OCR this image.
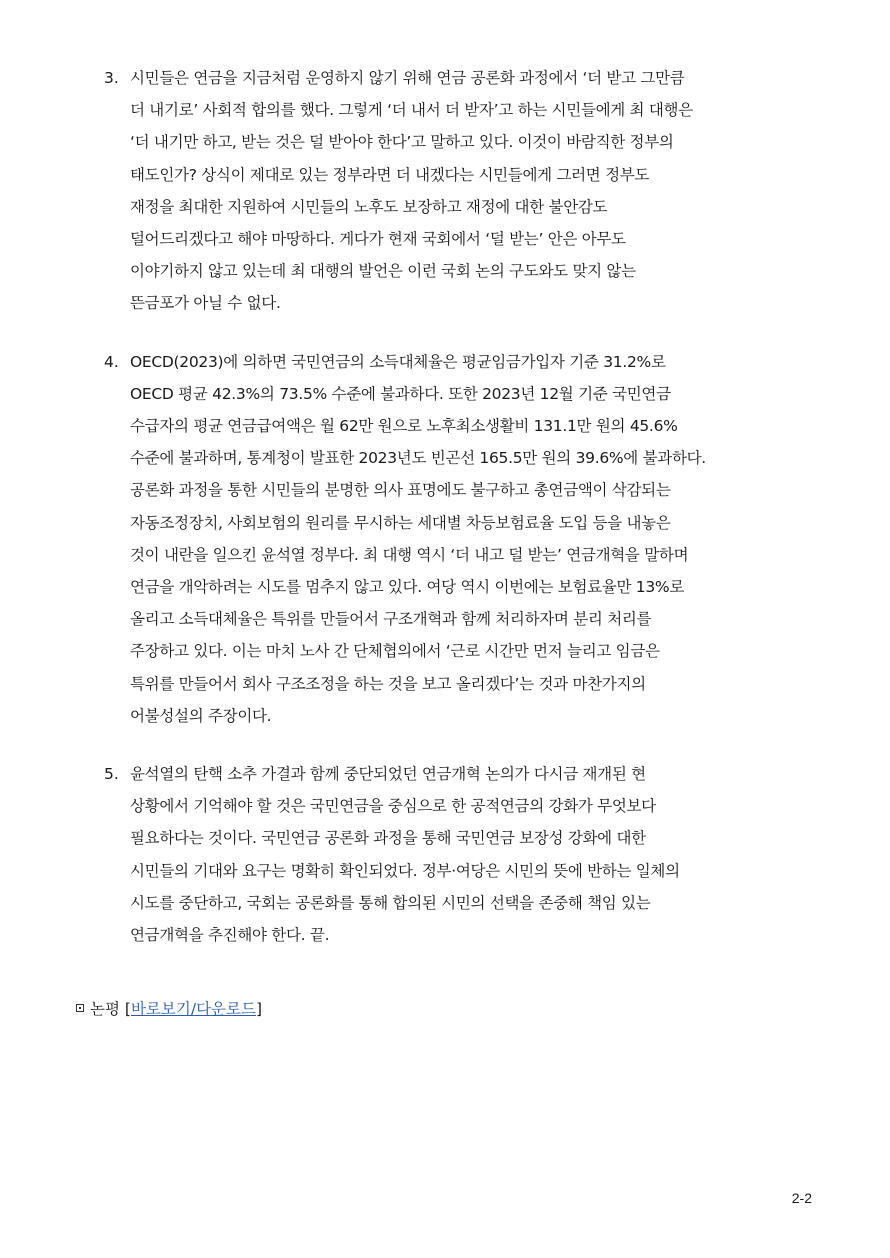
3. 시민들은 연금을 지금처럼 운영하지 않기 위해 연금 공론화 과정에서 ‘더 받고 그만큼
더 내기로’ 사회적 합의를 했다. 그렇게 ‘더 내서 더 받자’고 하는 시민들에게 최 대행은
‘더 내기만 하고, 받는 것은 덜 받아야 한다’고 말하고 있다. 이것이 바람직한 정부의
태도인가? 상식이 제대로 있는 정부라면 더 내겠다는 시민들에게 그러면 정부도
재정을 최대한 지원하여 시민들의 노후도 보장하고 재정에 대한 불안감도
덜어드리겠다고 해야 마땅하다. 게다가 현재 국회에서 ‘덜 받는’ 안은 아무도
이야기하지 않고 있는데 최 대행의 발언은 이런 국회 논의 구도와도 맞지 않는
뜬금포가 아닐 수 없다.
4. OECD(2023)에 의하면 국민연금의 소득대체율은 평균임금가입자 기준 31.2%로
OECD 평균 42.3%의 73.5% 수준에 불과하다. 또한 2023년 12월 기준 국민연금
수급자의 평균 연금급여액은 월 62만 원으로 노후최소생활비 131.1만 원의 45.6%
수준에 불과하며, 통계청이 발표한 2023년도 빈곤선 165.5만 원의 39.6%에 불과하다.
공론화 과정을 통한 시민들의 분명한 의사 표명에도 불구하고 총연금액이 삭감되는
자동조정장치, 사회보험의 원리를 무시하는 세대별 차등보험료율 도입 등을 내놓은
것이 내란을 일으킨 윤석열 정부다. 최 대행 역시 ‘더 내고 덜 받는’ 연금개혁을 말하며
연금을 개악하려는 시도를 멈추지 않고 있다. 여당 역시 이번에는 보험료율만 13%로
올리고 소득대체율은 특위를 만들어서 구조개혁과 함께 처리하자며 분리 처리를
주장하고 있다. 이는 마치 노사 간 단체협의에서 ‘근로 시간만 먼저 늘리고 임금은
특위를 만들어서 회사 구조조정을 하는 것을 보고 올리겠다’는 것과 마찬가지의
어불성설의 주장이다.
5. 윤석열의 탄핵 소추 가결과 함께 중단되었던 연금개혁 논의가 다시금 재개된 현
상황에서 기억해야 할 것은 국민연금을 중심으로 한 공적연금의 강화가 무엇보다
필요하다는 것이다. 국민연금 공론화 과정을 통해 국민연금 보장성 강화에 대한
시민들의 기대와 요구는 명확히 확인되었다. 정부·여당은 시민의 뜻에 반하는 일체의
시도를 중단하고, 국회는 공론화를 통해 합의된 시민의 선택을 존중해 책임 있는
연금개혁을 추진해야 한다. 끝.
논평 [바로보기/다운로드]
2-2
